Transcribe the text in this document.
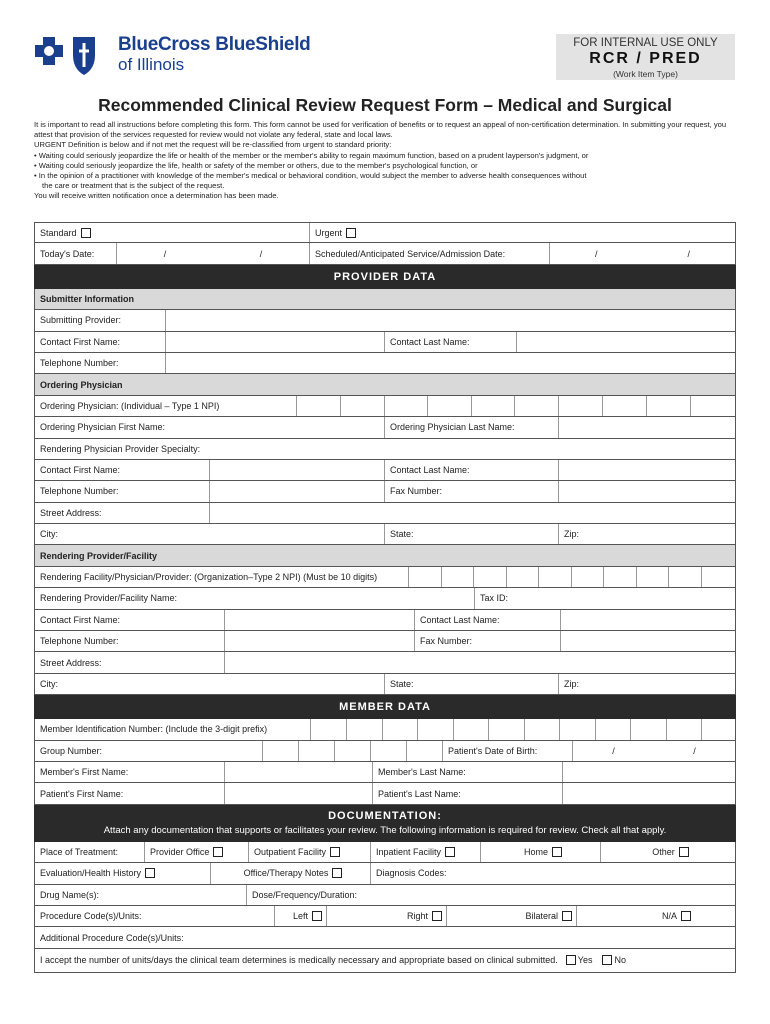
BlueCross BlueShield
of Illinois
FOR INTERNAL USE ONLY
RCR / PRED
(Work Item Type)
Recommended Clinical Review Request Form – Medical and Surgical

It is important to read all instructions before completing this form. This form cannot be used for verification of benefits or to request an appeal of non-certification determination. In submitting your request, you attest that provision of the services requested for review would not violate any federal, state and local laws.

URGENT Definition is below and if not met the request will be re-classified from urgent to standard priority:

• Waiting could seriously jeopardize the life or health of the member or the member's ability to regain maximum function, based on a prudent layperson's judgment, or

• Waiting could seriously jeopardize the life, health or safety of the member or others, due to the member's psychological function, or

• In the opinion of a practitioner with knowledge of the member's medical or behavioral condition, would subject the member to adverse health consequences without

the care or treatment that is the subject of the request.

You will receive written notification once a determination has been made.

Standard	Urgent
Today's Date:	/	/	Scheduled/Anticipated Service/Admission Date:	/	/
PROVIDER DATA
Submitter Information
Submitting Provider:
Contact First Name:	Contact Last Name:
Telephone Number:
Ordering Physician
Ordering Physician: (Individual – Type 1 NPI)
Ordering Physician First Name:	Ordering Physician Last Name:
Rendering Physician Provider Specialty:
Contact First Name:	Contact Last Name:
Telephone Number:	Fax Number:
Street Address:
City:	State:	Zip:
Rendering Provider/Facility
Rendering Facility/Physician/Provider: (Organization–Type 2 NPI) (Must be 10 digits)
Rendering Provider/Facility Name:	Tax ID:
Contact First Name:	Contact Last Name:
Telephone Number:	Fax Number:
Street Address:
City:	State:	Zip:
MEMBER DATA
Member Identification Number: (Include the 3-digit prefix)
Group Number:	Patient's Date of Birth:	/	/
Member's First Name:	Member's Last Name:
Patient's First Name:	Patient's Last Name:
DOCUMENTATION:
Attach any documentation that supports or facilitates your review. The following information is required for review. Check all that apply.
Place of Treatment:	Provider Office	Outpatient Facility	Inpatient Facility	Home	Other
Evaluation/Health History	Office/Therapy Notes	Diagnosis Codes:
Drug Name(s):	Dose/Frequency/Duration:
Procedure Code(s)/Units:	Left	Right	Bilateral	N/A
Additional Procedure Code(s)/Units:
I accept the number of units/days the clinical team determines is medically necessary and appropriate based on clinical submitted. Yes No
